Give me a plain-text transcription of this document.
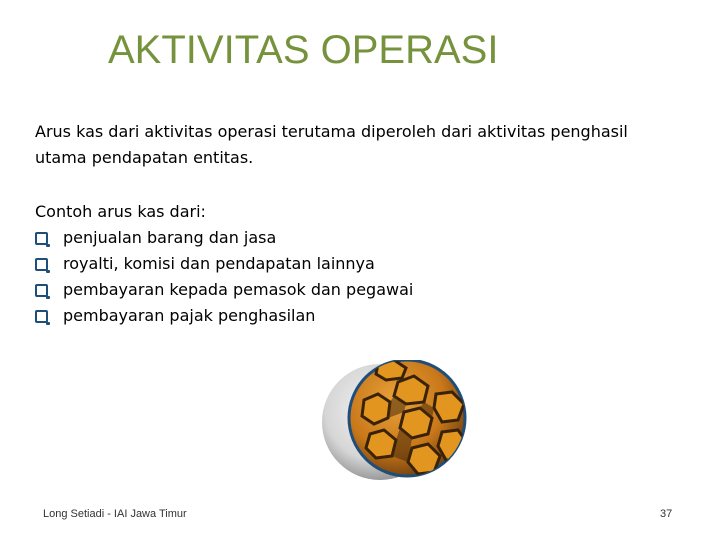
AKTIVITAS OPERASI
Arus kas dari aktivitas operasi terutama diperoleh dari aktivitas penghasil
utama pendapatan entitas.
Contoh arus kas dari:
penjualan barang dan jasa
royalti, komisi dan pendapatan lainnya
pembayaran kepada pemasok dan pegawai
pembayaran pajak penghasilan
Long Setiadi - IAI Jawa Timur	37
